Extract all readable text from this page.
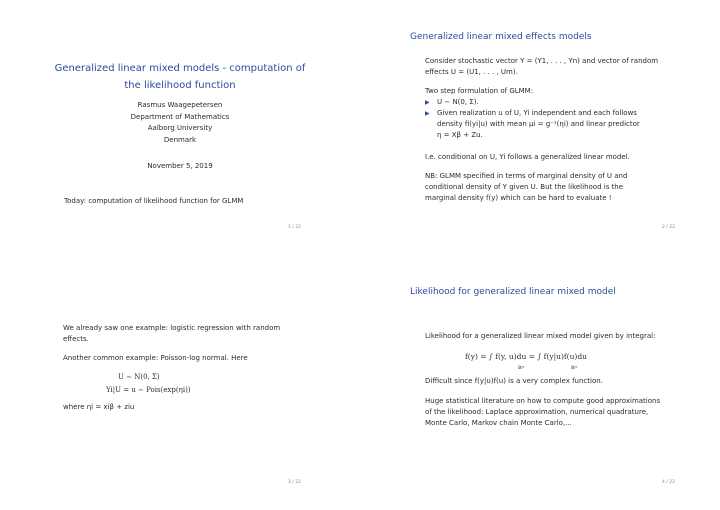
Generalized linear mixed models - computation of the likelihood function
Rasmus Waagepetersen
Department of Mathematics
Aalborg University
Denmark
November 5, 2019
Today: computation of likelihood function for GLMM
1 / 22
Generalized linear mixed effects models
Consider stochastic vector Y = (Y1, . . . , Yn) and vector of random
effects U = (U1, . . . , Um).
Two step formulation of GLMM:
▶ U ∼ N(0, Σ).
▶ Given realization u of U, Yi independent and each follows
density fi(yi|u) with mean μi = g⁻¹(ηi) and linear predictor
η = Xβ + Zu.
I.e. conditional on U, Yi follows a generalized linear model.
NB: GLMM specified in terms of marginal density of U and
conditional density of Y given U. But the likelihood is the
marginal density f(y) which can be hard to evaluate !
2 / 22
We already saw one example: logistic regression with random
effects.
Another common example: Poisson-log normal. Here
U ∼ N(0, Σ)
Yi|U = u ∼ Pois(exp(ηi))
where ηi = xiβ + ziu
3 / 22
Likelihood for generalized linear mixed model
Likelihood for a generalized linear mixed model given by integral:
f(y) = ∫ f(y, u)du = ∫ f(y|u)f(u)du
ℝᵐ	ℝᵐ
Difficult since f(y|u)f(u) is a very complex function.
Huge statistical literature on how to compute good approximations
of the likelihood: Laplace approximation, numerical quadrature,
Monte Carlo, Markov chain Monte Carlo,...
4 / 22
